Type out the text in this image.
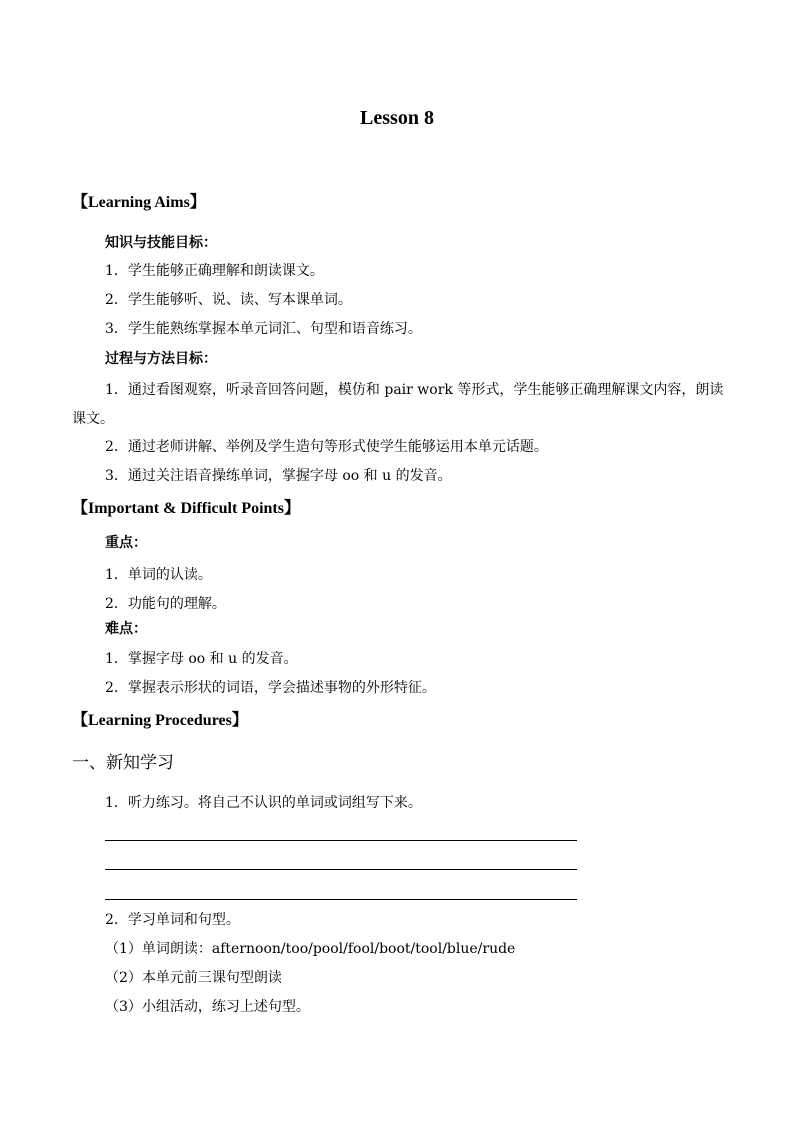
Lesson 8
【Learning Aims】
知识与技能目标：
1．学生能够正确理解和朗读课文。
2．学生能够听、说、读、写本课单词。
3．学生能熟练掌握本单元词汇、句型和语音练习。
过程与方法目标：
1．通过看图观察，听录音回答问题，模仿和 pair work 等形式，学生能够正确理解课文内容，朗读课文。
2．通过老师讲解、举例及学生造句等形式使学生能够运用本单元话题。
3．通过关注语音操练单词，掌握字母 oo 和 u 的发音。
【Important & Difficult Points】
重点：
1．单词的认读。
2．功能句的理解。
难点：
1．掌握字母 oo 和 u 的发音。
2．掌握表示形状的词语，学会描述事物的外形特征。
【Learning Procedures】
一、新知学习
1．听力练习。将自己不认识的单词或词组写下来。
2．学习单词和句型。
（1）单词朗读：afternoon/too/pool/fool/boot/tool/blue/rude
（2）本单元前三课句型朗读
（3）小组活动，练习上述句型。
